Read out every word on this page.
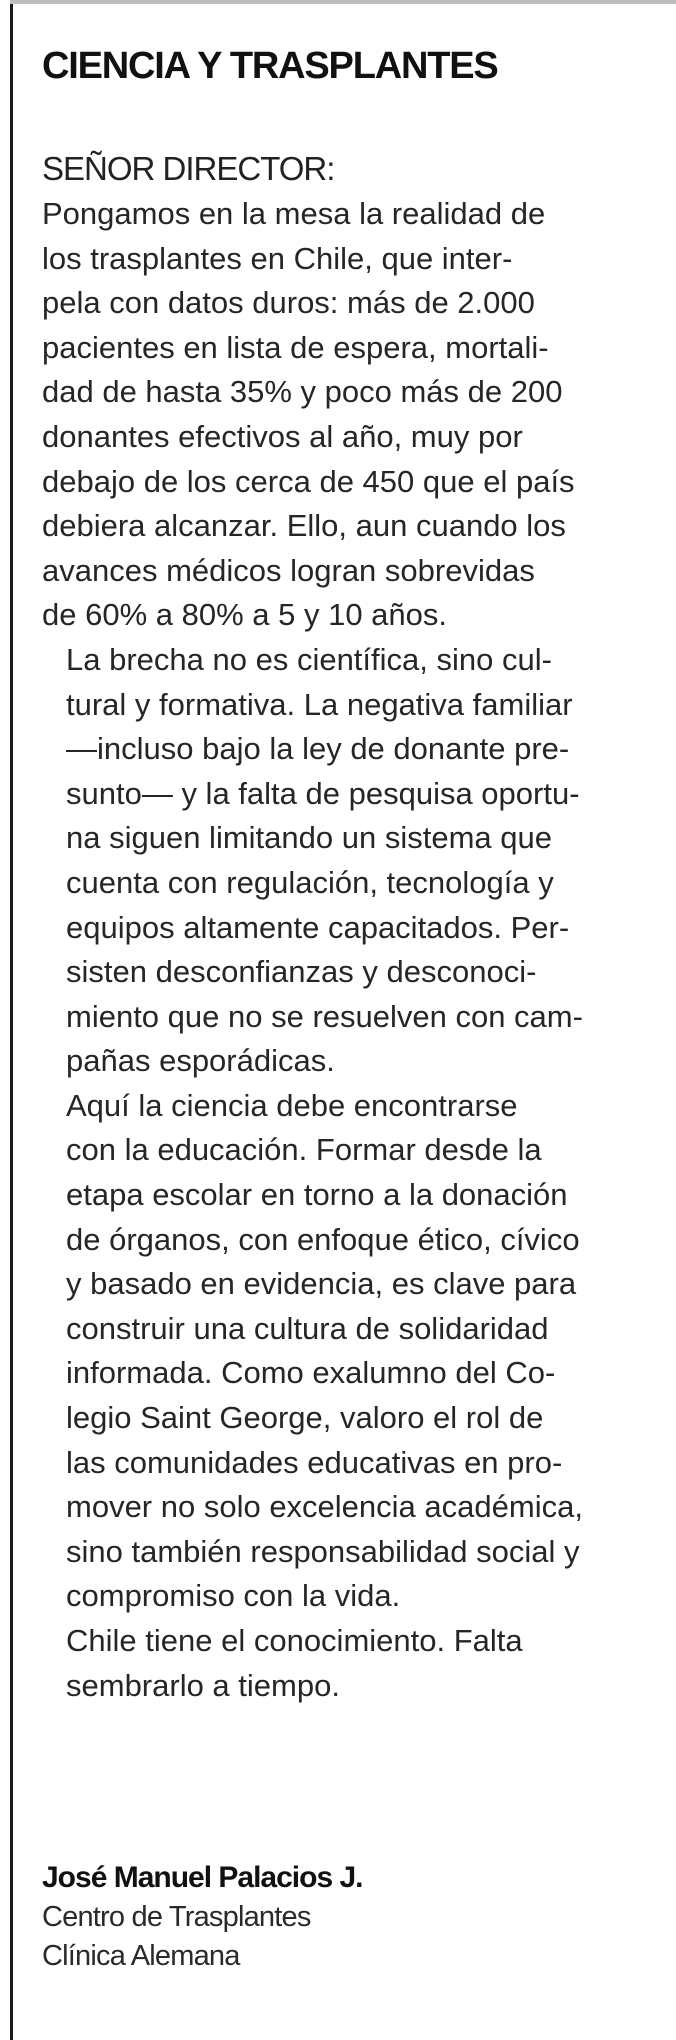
CIENCIA Y TRASPLANTES
SEÑOR DIRECTOR:

Pongamos en la mesa la realidad de
los trasplantes en Chile, que inter-
pela con datos duros: más de 2.000
pacientes en lista de espera, mortali-
dad de hasta 35% y poco más de 200
donantes efectivos al año, muy por
debajo de los cerca de 450 que el país
debiera alcanzar. Ello, aun cuando los
avances médicos logran sobrevidas
de 60% a 80% a 5 y 10 años.

La brecha no es científica, sino cul-
tural y formativa. La negativa familiar
—incluso bajo la ley de donante pre-
sunto— y la falta de pesquisa oportu-
na siguen limitando un sistema que
cuenta con regulación, tecnología y
equipos altamente capacitados. Per-
sisten desconfianzas y desconoci-
miento que no se resuelven con cam-
pañas esporádicas.

Aquí la ciencia debe encontrarse
con la educación. Formar desde la
etapa escolar en torno a la donación
de órganos, con enfoque ético, cívico
y basado en evidencia, es clave para
construir una cultura de solidaridad
informada. Como exalumno del Co-
legio Saint George, valoro el rol de
las comunidades educativas en pro-
mover no solo excelencia académica,
sino también responsabilidad social y
compromiso con la vida.

Chile tiene el conocimiento. Falta
sembrarlo a tiempo.

José Manuel Palacios J.
Centro de Trasplantes
Clínica Alemana
